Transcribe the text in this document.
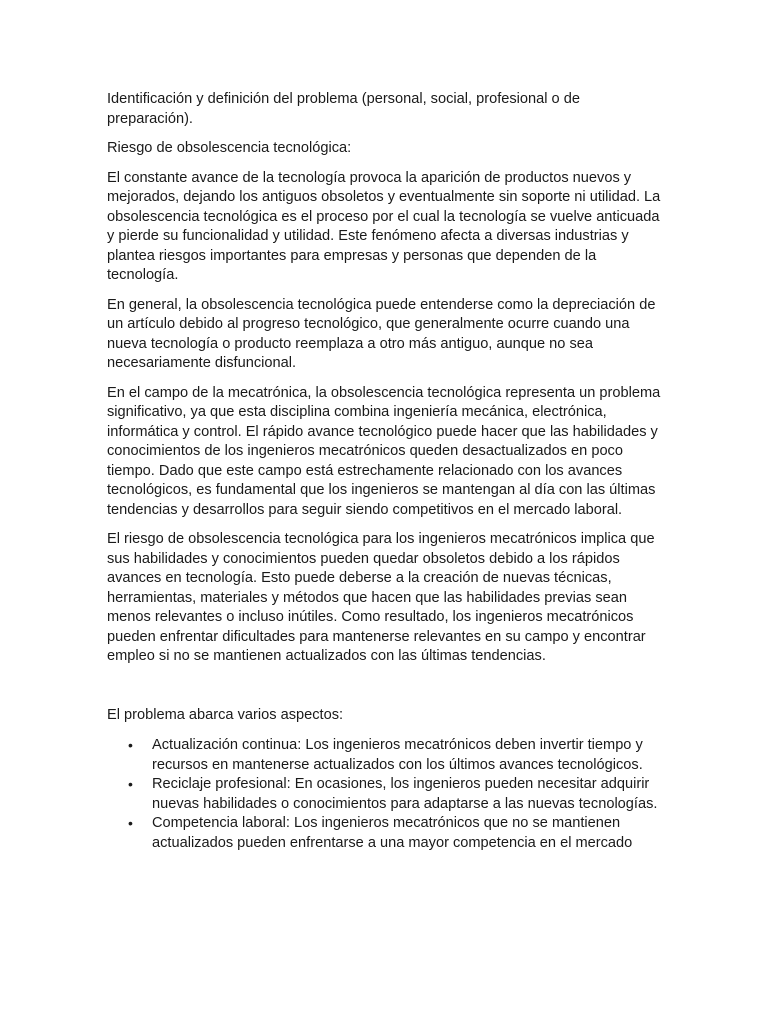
Identificación y definición del problema (personal, social, profesional o de preparación).

Riesgo de obsolescencia tecnológica:

El constante avance de la tecnología provoca la aparición de productos nuevos y mejorados, dejando los antiguos obsoletos y eventualmente sin soporte ni utilidad. La obsolescencia tecnológica es el proceso por el cual la tecnología se vuelve anticuada y pierde su funcionalidad y utilidad. Este fenómeno afecta a diversas industrias y plantea riesgos importantes para empresas y personas que dependen de la tecnología.

En general, la obsolescencia tecnológica puede entenderse como la depreciación de un artículo debido al progreso tecnológico, que generalmente ocurre cuando una nueva tecnología o producto reemplaza a otro más antiguo, aunque no sea necesariamente disfuncional.

En el campo de la mecatrónica, la obsolescencia tecnológica representa un problema significativo, ya que esta disciplina combina ingeniería mecánica, electrónica, informática y control. El rápido avance tecnológico puede hacer que las habilidades y conocimientos de los ingenieros mecatrónicos queden desactualizados en poco tiempo. Dado que este campo está estrechamente relacionado con los avances tecnológicos, es fundamental que los ingenieros se mantengan al día con las últimas tendencias y desarrollos para seguir siendo competitivos en el mercado laboral.

El riesgo de obsolescencia tecnológica para los ingenieros mecatrónicos implica que sus habilidades y conocimientos pueden quedar obsoletos debido a los rápidos avances en tecnología. Esto puede deberse a la creación de nuevas técnicas, herramientas, materiales y métodos que hacen que las habilidades previas sean menos relevantes o incluso inútiles. Como resultado, los ingenieros mecatrónicos pueden enfrentar dificultades para mantenerse relevantes en su campo y encontrar empleo si no se mantienen actualizados con las últimas tendencias.

El problema abarca varios aspectos:

• Actualización continua: Los ingenieros mecatrónicos deben invertir tiempo y recursos en mantenerse actualizados con los últimos avances tecnológicos.
• Reciclaje profesional: En ocasiones, los ingenieros pueden necesitar adquirir nuevas habilidades o conocimientos para adaptarse a las nuevas tecnologías.
• Competencia laboral: Los ingenieros mecatrónicos que no se mantienen actualizados pueden enfrentarse a una mayor competencia en el mercado
